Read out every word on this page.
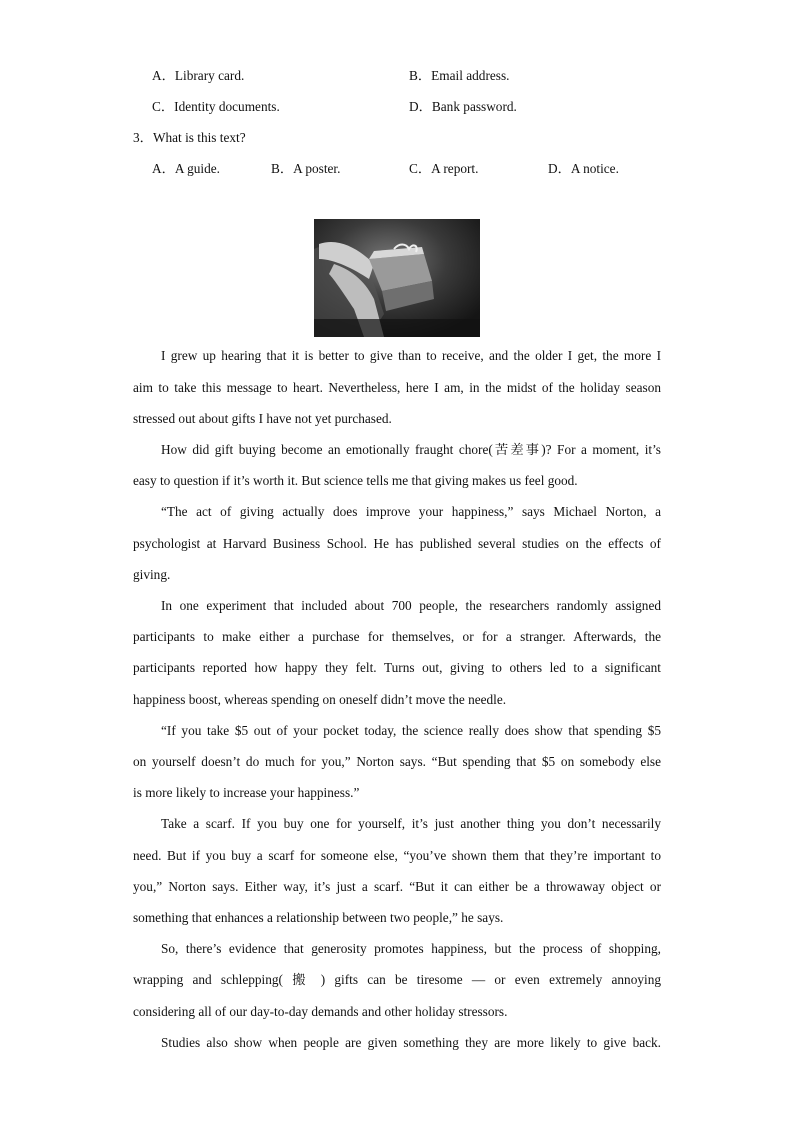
A．Library card.	B．Email address.
C．Identity documents.	D．Bank password.
3．What is this text?
A．A guide.	B．A poster.	C．A report.	D．A notice.
I grew up hearing that it is better to give than to receive, and the older I get, the more I
aim to take this message to heart. Nevertheless, here I am, in the midst of the holiday season
stressed out about gifts I have not yet purchased.
How did gift buying become an emotionally fraught chore(苦差事)? For a moment, it’s
easy to question if it’s worth it. But science tells me that giving makes us feel good.
“The act of giving actually does improve your happiness,” says Michael Norton, a
psychologist at Harvard Business School. He has published several studies on the effects of
giving.
In one experiment that included about 700 people, the researchers randomly assigned
participants to make either a purchase for themselves, or for a stranger. Afterwards, the
participants reported how happy they felt. Turns out, giving to others led to a significant
happiness boost, whereas spending on oneself didn’t move the needle.
“If you take $5 out of your pocket today, the science really does show that spending $5
on yourself doesn’t do much for you,” Norton says. “But spending that $5 on somebody else
is more likely to increase your happiness.”
Take a scarf. If you buy one for yourself, it’s just another thing you don’t necessarily
need. But if you buy a scarf for someone else, “you’ve shown them that they’re important to
you,” Norton says. Either way, it’s just a scarf. “But it can either be a throwaway object or
something that enhances a relationship between two people,” he says.
So, there’s evidence that generosity promotes happiness, but the process of shopping,
wrapping and schlepping( 搬 ) gifts can be tiresome — or even extremely annoying
considering all of our day-to-day demands and other holiday stressors.
Studies also show when people are given something they are more likely to give back.
